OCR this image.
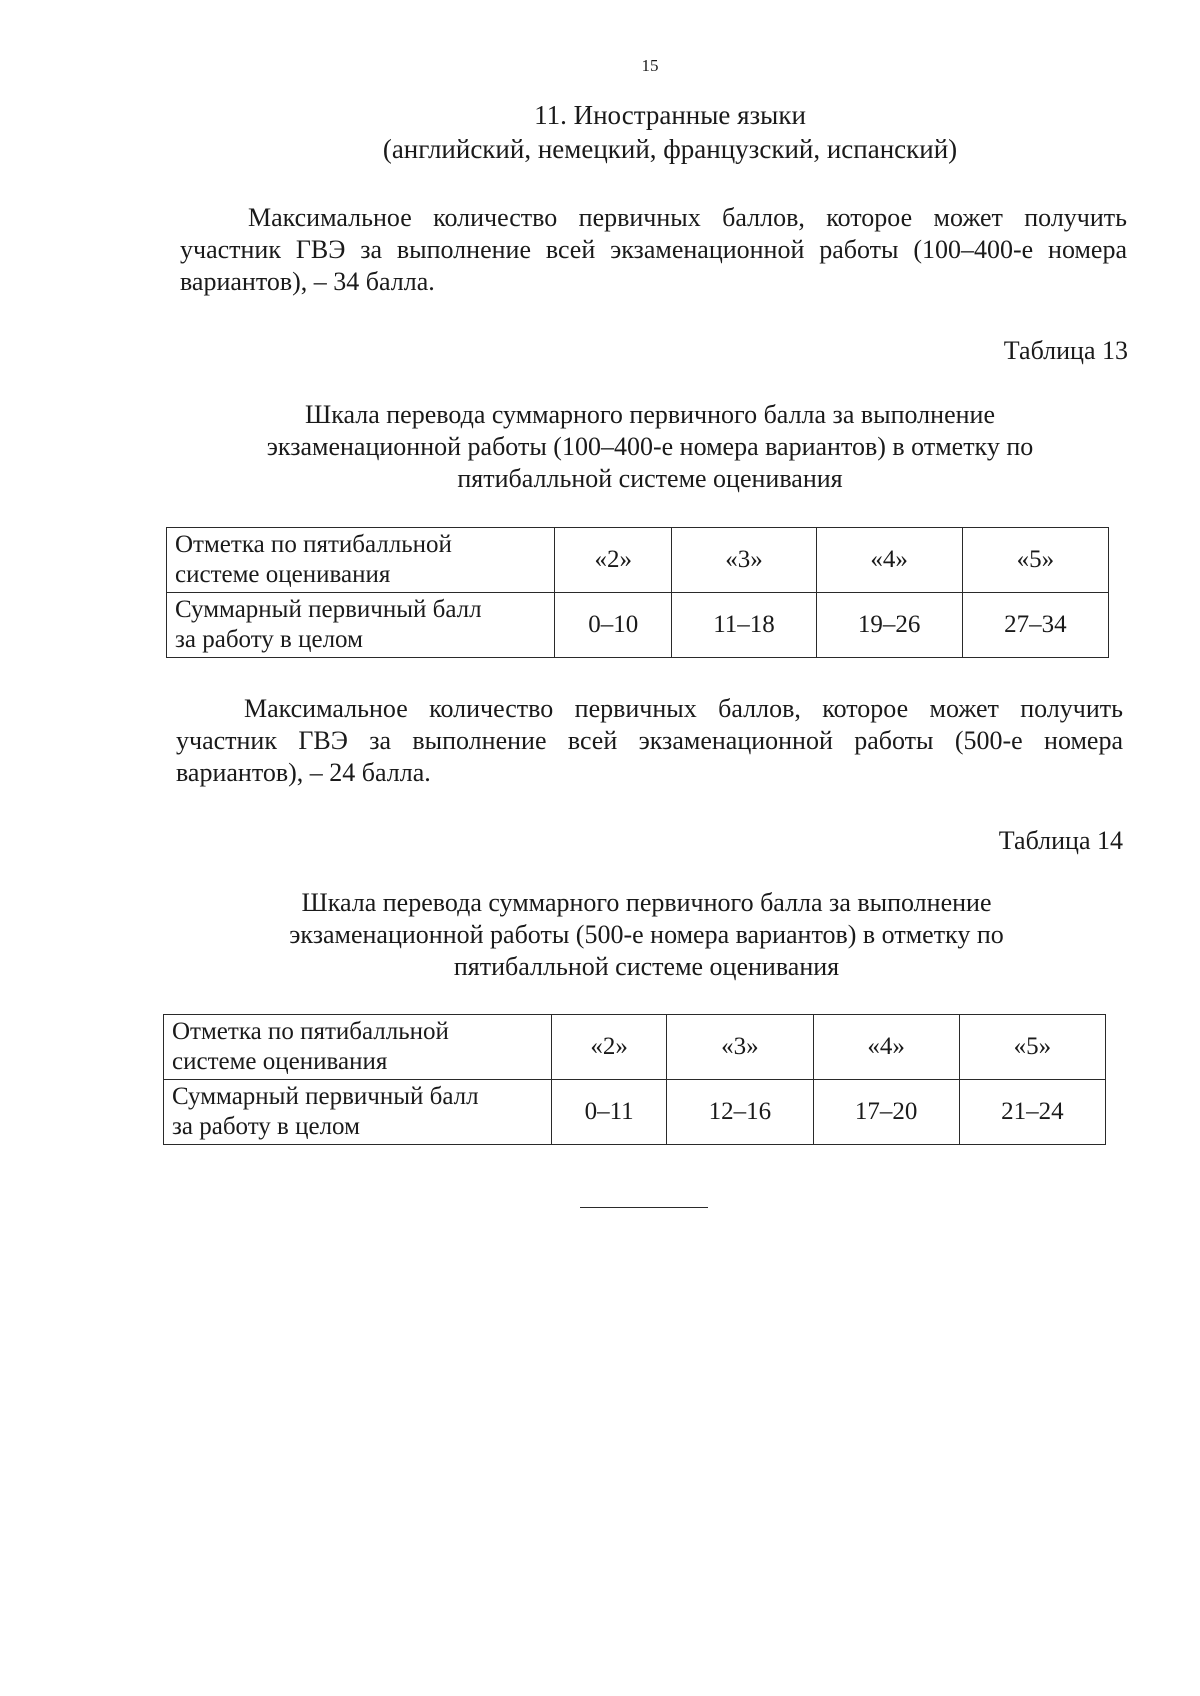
15
11. Иностранные языки
(английский, немецкий, французский, испанский)

Максимальное количество первичных баллов, которое может получить участник ГВЭ за выполнение всей экзаменационной работы (100–400-е номера вариантов), – 34 балла.

Таблица 13
Шкала перевода суммарного первичного балла за выполнение
экзаменационной работы (100–400-е номера вариантов) в отметку по
пятибалльной системе оценивания
Отметка по пятибалльной
системе оценивания	«2»	«3»	«4»	«5»

Суммарный первичный балл
за работу в целом	0–10	11–18	19–26	27–34

Максимальное количество первичных баллов, которое может получить участник ГВЭ за выполнение всей экзаменационной работы (500-е номера вариантов), – 24 балла.

Таблица 14
Шкала перевода суммарного первичного балла за выполнение
экзаменационной работы (500-е номера вариантов) в отметку по
пятибалльной системе оценивания
Отметка по пятибалльной
системе оценивания	«2»	«3»	«4»	«5»

Суммарный первичный балл
за работу в целом	0–11	12–16	17–20	21–24
